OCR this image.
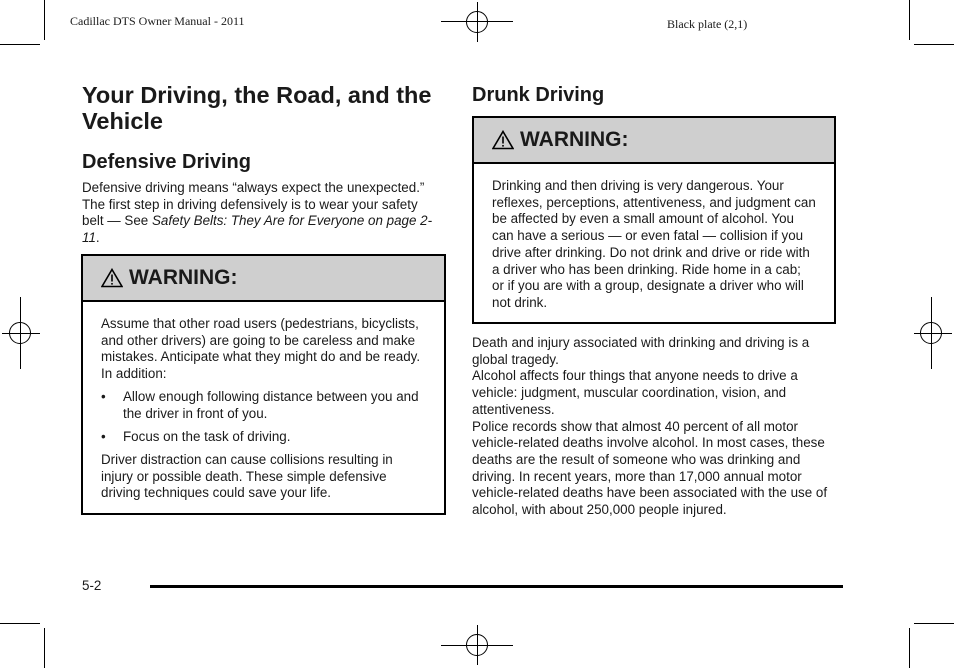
Cadillac DTS Owner Manual - 2011	Black plate (2,1)
Your Driving, the Road, and the Vehicle
Defensive Driving

Defensive driving means “always expect the unexpected.” The first step in driving defensively is to wear your safety belt — See Safety Belts: They Are for Everyone on page 2-11.

WARNING:

Assume that other road users (pedestrians, bicyclists, and other drivers) are going to be careless and make mistakes. Anticipate what they might do and be ready. In addition:

•	Allow enough following distance between you and the driver in front of you.
•	Focus on the task of driving.

Driver distraction can cause collisions resulting in injury or possible death. These simple defensive driving techniques could save your life.

Drunk Driving
WARNING:

Drinking and then driving is very dangerous. Your reflexes, perceptions, attentiveness, and judgment can be affected by even a small amount of alcohol. You can have a serious — or even fatal — collision if you drive after drinking. Do not drink and drive or ride with a driver who has been drinking. Ride home in a cab; or if you are with a group, designate a driver who will not drink.

Death and injury associated with drinking and driving is a global tragedy.

Alcohol affects four things that anyone needs to drive a vehicle: judgment, muscular coordination, vision, and attentiveness.

Police records show that almost 40 percent of all motor vehicle-related deaths involve alcohol. In most cases, these deaths are the result of someone who was drinking and driving. In recent years, more than 17,000 annual motor vehicle-related deaths have been associated with the use of alcohol, with about 250,000 people injured.

5-2
